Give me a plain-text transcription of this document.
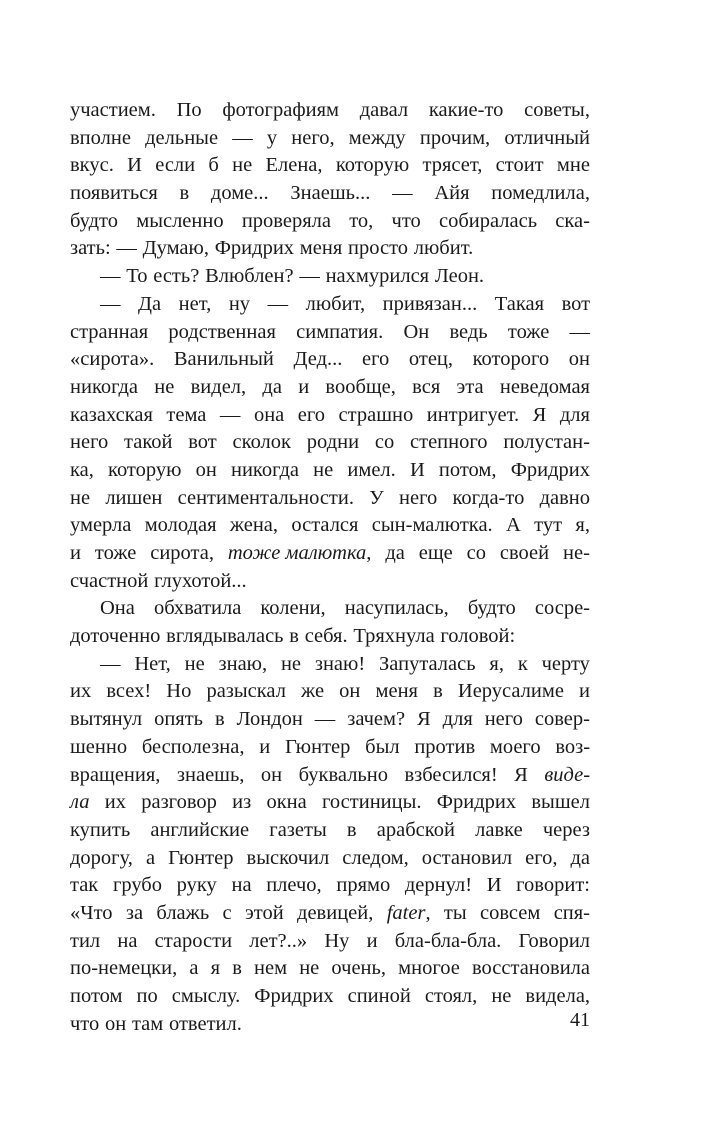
участием.	По	фотографиям	давал	какие-то	советы,
вполне дельные — у него, между прочим, отличный
вкус. И если б не Елена, которую трясет, стоит мне
появиться	в	доме...	Знаешь...	—	Айя	помедлила,
будто мысленно проверяла то, что собиралась ска-
зать: — Думаю, Фридрих меня просто любит.
— То есть? Влюблен? — нахмурился Леон.
— Да нет, ну — любит, привязан... Такая вот
странная родственная симпатия. Он ведь тоже —
«сирота». Ванильный Дед... его отец, которого он
никогда не видел, да и вообще, вся эта неведомая
казахская тема — она его страшно интригует. Я для
него такой вот сколок родни со степного полустан-
ка, которую он никогда не имел. И потом, Фридрих
не лишен сентиментальности. У него когда-то давно
умерла молодая жена, остался сын-малютка. А тут я,
и тоже сирота, тоже малютка, да еще со своей не-
счастной глухотой...
Она обхватила колени, насупилась, будто сосре-
доточенно вглядывалась в себя. Тряхнула головой:
— Нет, не знаю, не знаю! Запуталась я, к черту
их всех! Но разыскал же он меня в Иерусалиме и
вытянул опять в Лондон — зачем? Я для него совер-
шенно бесполезна, и Гюнтер был против моего воз-
вращения, знаешь, он буквально взбесился! Я виде-
ла их разговор из окна гостиницы. Фридрих вышел
купить английские газеты в арабской лавке через
дорогу, а Гюнтер выскочил следом, остановил его, да
так грубо руку на плечо, прямо дернул! И говорит:
«Что за блажь с этой девицей, fater, ты совсем спя-
тил на старости лет?..» Ну и бла-бла-бла. Говорил
по-немецки, а я в нем не очень, многое восстановила
потом по смыслу. Фридрих спиной стоял, не видела,
что он там ответил.	41
